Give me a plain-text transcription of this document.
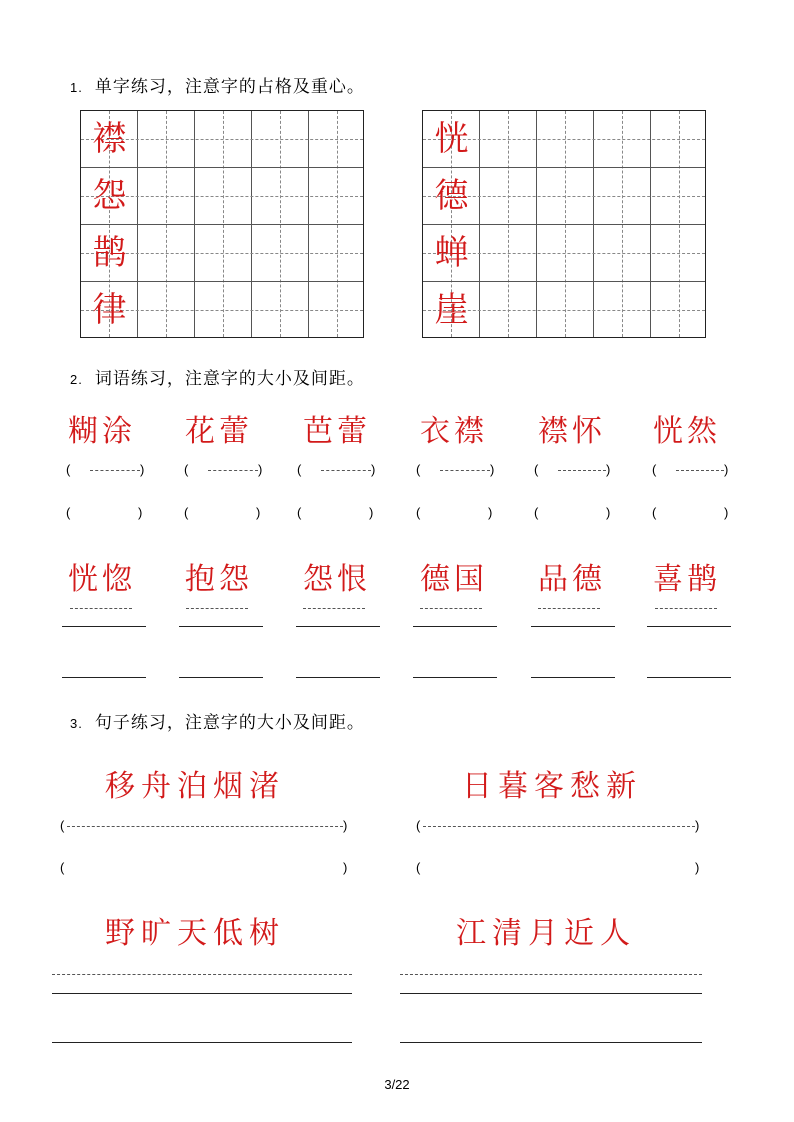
1. 单字练习，注意字的占格及重心。
襟
怨
鹊
律
恍
德
蝉
崖
2. 词语练习，注意字的大小及间距。
糊涂 花蕾 芭蕾 衣襟 襟怀 恍然
(	)	(	)	(	)	(	)	(	)	(	)
(	)	(	)	(	)	(	)	(	)	(	)
恍惚 抱怨 怨恨 德国 品德 喜鹊
3. 句子练习，注意字的大小及间距。
移舟泊烟渚	日暮客愁新
(	)	(	)
(	)	(	)
野旷天低树	江清月近人
3/22
